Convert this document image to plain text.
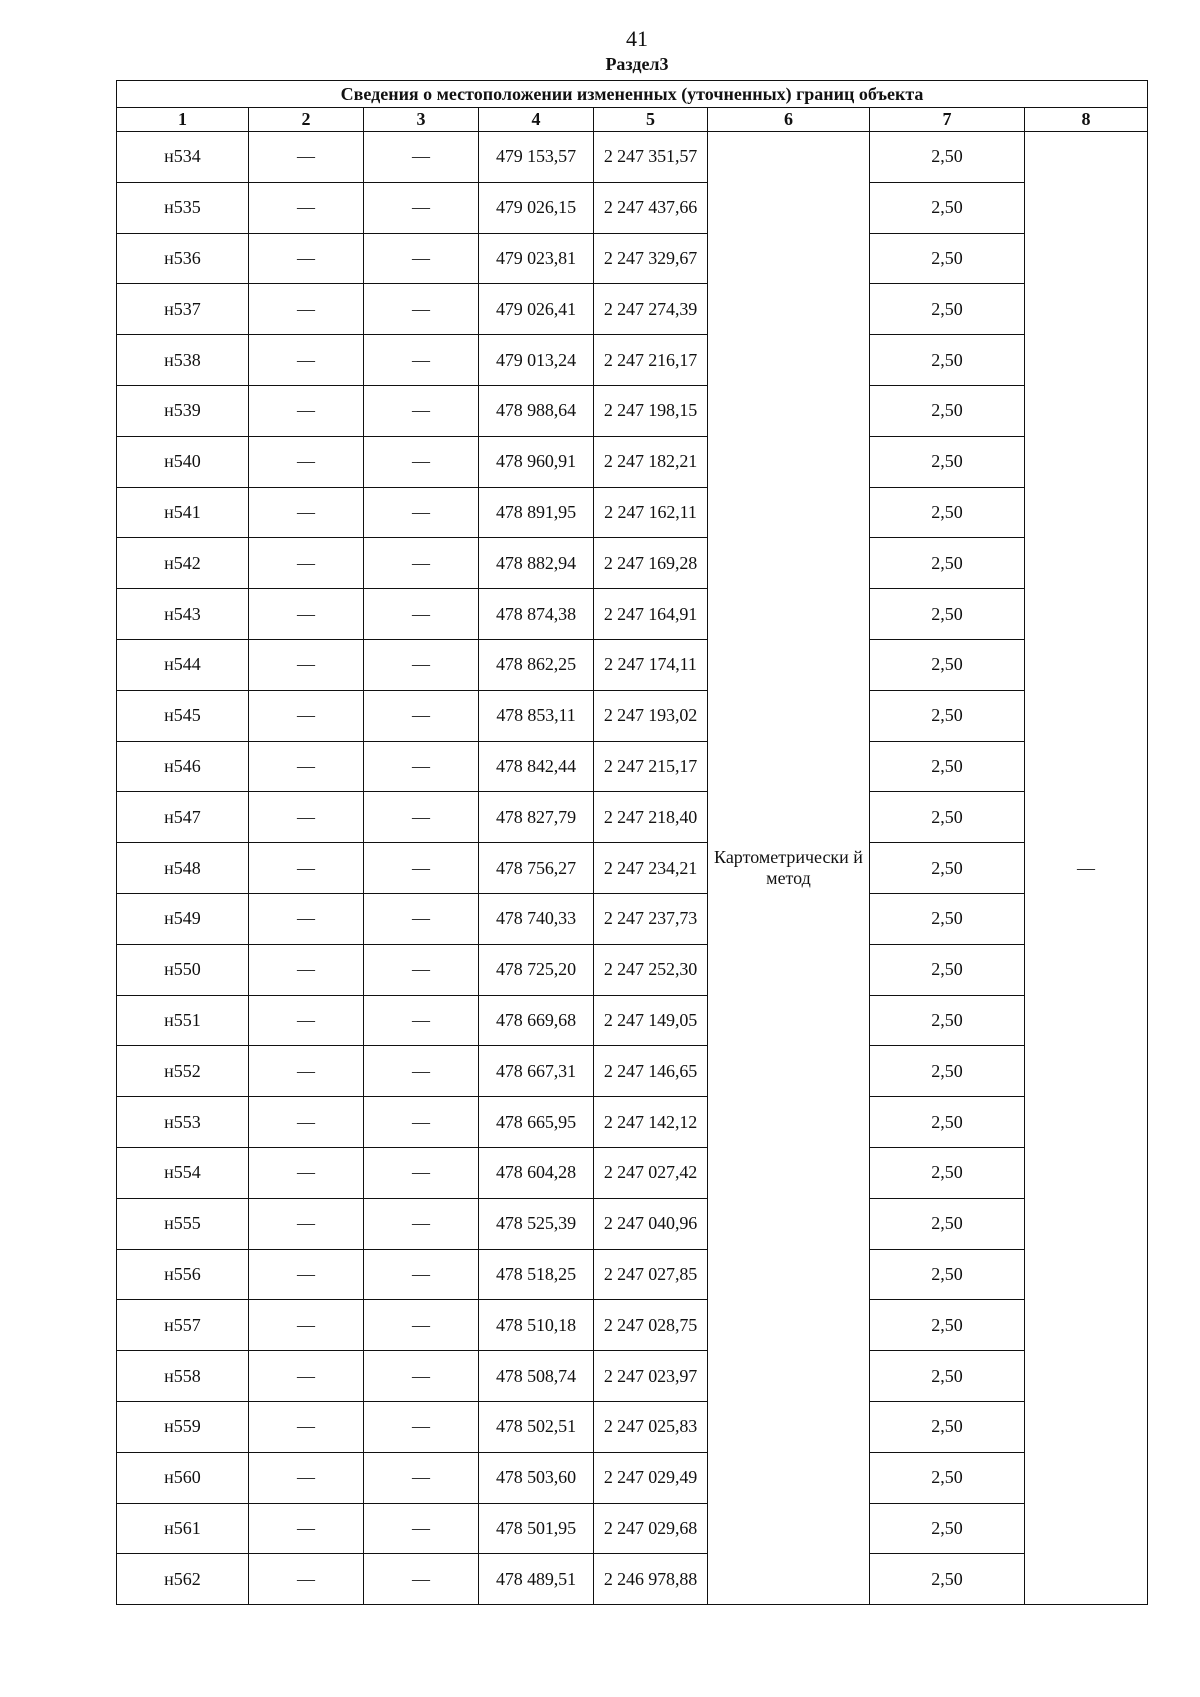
41
Раздел3
Сведения о местоположении измененных (уточненных) границ объекта							
1	2	3	4	5	6	7	8
н534	—	—	479 153,57	2 247 351,57	Картометрически й метод	2,50	—
н535	—	—	479 026,15	2 247 437,66		2,50	
н536	—	—	479 023,81	2 247 329,67		2,50	
н537	—	—	479 026,41	2 247 274,39		2,50	
н538	—	—	479 013,24	2 247 216,17		2,50	
н539	—	—	478 988,64	2 247 198,15		2,50	
н540	—	—	478 960,91	2 247 182,21		2,50	
н541	—	—	478 891,95	2 247 162,11		2,50	
н542	—	—	478 882,94	2 247 169,28		2,50	
н543	—	—	478 874,38	2 247 164,91		2,50	
н544	—	—	478 862,25	2 247 174,11		2,50	
н545	—	—	478 853,11	2 247 193,02		2,50	
н546	—	—	478 842,44	2 247 215,17		2,50	
н547	—	—	478 827,79	2 247 218,40		2,50	
н548	—	—	478 756,27	2 247 234,21		2,50	
н549	—	—	478 740,33	2 247 237,73		2,50	
н550	—	—	478 725,20	2 247 252,30		2,50	
н551	—	—	478 669,68	2 247 149,05		2,50	
н552	—	—	478 667,31	2 247 146,65		2,50	
н553	—	—	478 665,95	2 247 142,12		2,50	
н554	—	—	478 604,28	2 247 027,42		2,50	
н555	—	—	478 525,39	2 247 040,96		2,50	
н556	—	—	478 518,25	2 247 027,85		2,50	
н557	—	—	478 510,18	2 247 028,75		2,50	
н558	—	—	478 508,74	2 247 023,97		2,50	
н559	—	—	478 502,51	2 247 025,83		2,50	
н560	—	—	478 503,60	2 247 029,49		2,50	
н561	—	—	478 501,95	2 247 029,68		2,50	
н562	—	—	478 489,51	2 246 978,88		2,50	
